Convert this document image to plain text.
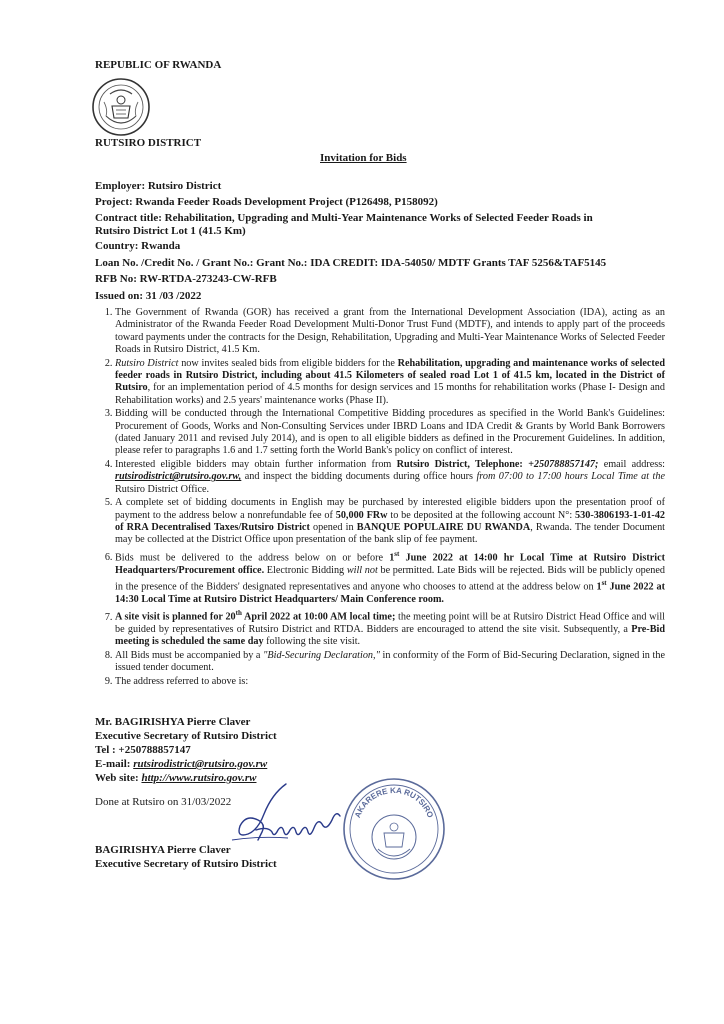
REPUBLIC OF RWANDA
RUTSIRO DISTRICT
Invitation for Bids
Employer: Rutsiro District
Project: Rwanda Feeder Roads Development Project (P126498, P158092)
Contract title: Rehabilitation, Upgrading and Multi-Year Maintenance Works of Selected Feeder Roads in
Rutsiro District Lot 1 (41.5 Km)
Country: Rwanda
Loan No. /Credit No. / Grant No.: Grant No.: IDA CREDIT: IDA-54050/ MDTF Grants TAF 5256&TAF5145
RFB No: RW-RTDA-273243-CW-RFB
Issued on: 31 /03 /2022
1. The Government of Rwanda (GOR) has received a grant from the International Development Association (IDA), acting as an Administrator of the Rwanda Feeder Road Development Multi-Donor Trust Fund (MDTF), and intends to apply part of the proceeds toward payments under the contracts for the Design, Rehabilitation, Upgrading and Multi-Year Maintenance Works of Selected Feeder Roads in Rutsiro District, 41.5 Km.
2. Rutsiro District now invites sealed bids from eligible bidders for the Rehabilitation, upgrading and maintenance works of selected feeder roads in Rutsiro District, including about 41.5 Kilometers of sealed road Lot 1 of 41.5 km, located in the District of Rutsiro, for an implementation period of 4.5 months for design services and 15 months for rehabilitation works (Phase I- Design and Rehabilitation works) and 2.5 years' maintenance works (Phase II).
3. Bidding will be conducted through the International Competitive Bidding procedures as specified in the World Bank's Guidelines: Procurement of Goods, Works and Non-Consulting Services under IBRD Loans and IDA Credit & Grants by World Bank Borrowers (dated January 2011 and revised July 2014), and is open to all eligible bidders as defined in the Procurement Guidelines. In addition, please refer to paragraphs 1.6 and 1.7 setting forth the World Bank's policy on conflict of interest.
4. Interested eligible bidders may obtain further information from Rutsiro District, Telephone: +250788857147; email address: rutsirodistrict@rutsiro.gov.rw, and inspect the bidding documents during office hours from 07:00 to 17:00 hours Local Time at the Rutsiro District Office.
5. A complete set of bidding documents in English may be purchased by interested eligible bidders upon the presentation proof of payment to the address below a nonrefundable fee of 50,000 FRw to be deposited at the following account N°: 530-3806193-1-01-42 of RRA Decentralised Taxes/Rutsiro District opened in BANQUE POPULAIRE DU RWANDA, Rwanda. The tender Document may be collected at the District Office upon presentation of the bank slip of fee payment.
6. Bids must be delivered to the address below on or before 1st June 2022 at 14:00 hr Local Time at Rutsiro District Headquarters/Procurement office. Electronic Bidding will not be permitted. Late Bids will be rejected. Bids will be publicly opened in the presence of the Bidders' designated representatives and anyone who chooses to attend at the address below on 1st June 2022 at 14:30 Local Time at Rutsiro District Headquarters/ Main Conference room.
7. A site visit is planned for 20th April 2022 at 10:00 AM local time; the meeting point will be at Rutsiro District Head Office and will be guided by representatives of Rutsiro District and RTDA. Bidders are encouraged to attend the site visit. Subsequently, a Pre-Bid meeting is scheduled the same day following the site visit.
8. All Bids must be accompanied by a "Bid-Securing Declaration," in conformity of the Form of Bid-Securing Declaration, signed in the issued tender document.
9. The address referred to above is:
Mr. BAGIRISHYA Pierre Claver
Executive Secretary of Rutsiro District
Tel : +250788857147
E-mail: rutsirodistrict@rutsiro.gov.rw
Web site: http://www.rutsiro.gov.rw
Done at Rutsiro on 31/03/2022
AKARERE KA RUTSIRO
BAGIRISHYA Pierre Claver
Executive Secretary of Rutsiro District
